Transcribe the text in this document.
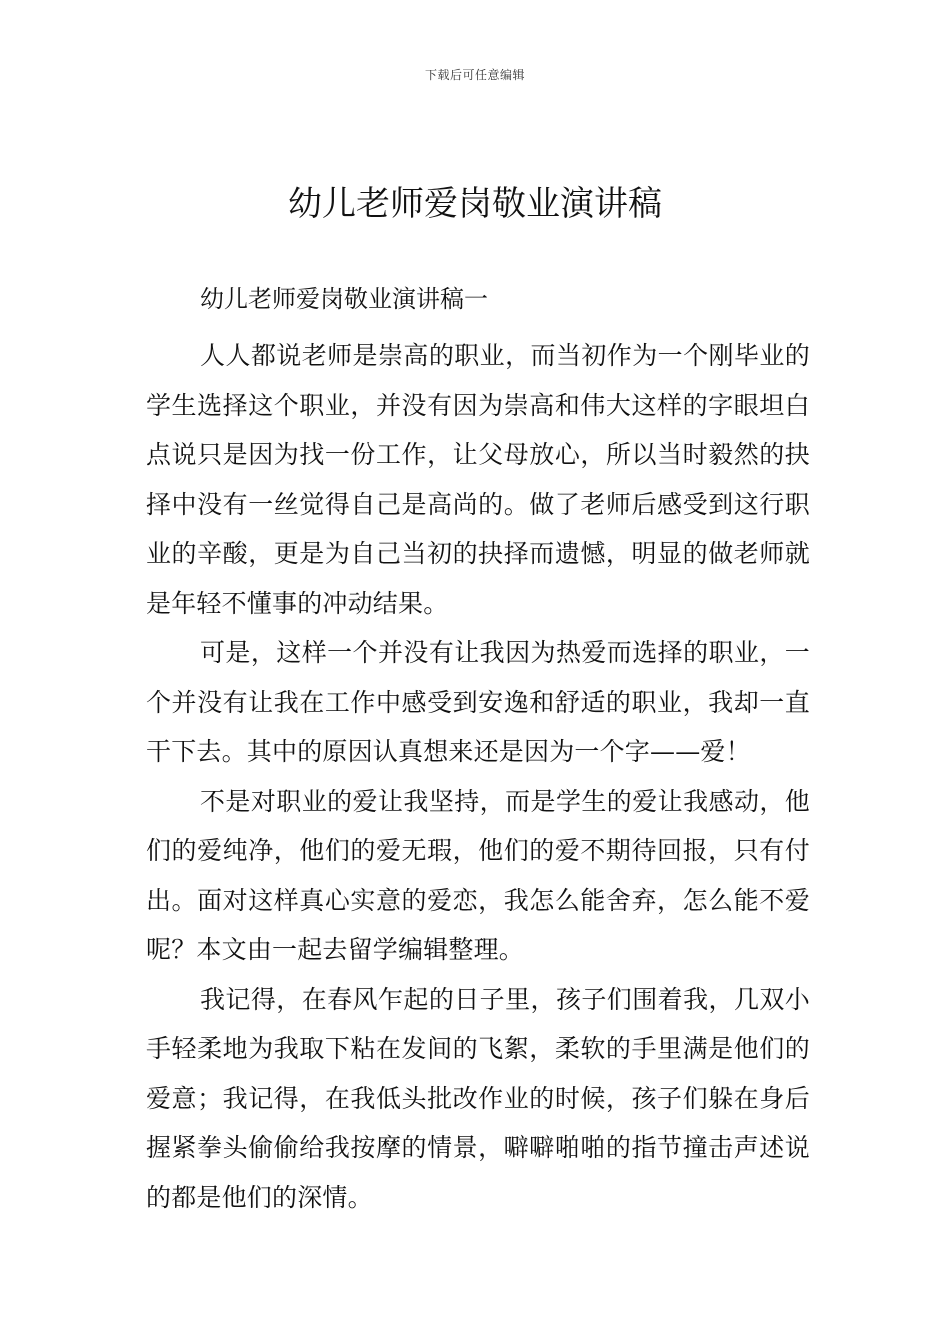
下载后可任意编辑
幼儿老师爱岗敬业演讲稿

幼儿老师爱岗敬业演讲稿一

人人都说老师是崇高的职业，而当初作为一个刚毕业的学生选择这个职业，并没有因为崇高和伟大这样的字眼坦白点说只是因为找一份工作，让父母放心，所以当时毅然的抉择中没有一丝觉得自己是高尚的。做了老师后感受到这行职业的辛酸，更是为自己当初的抉择而遗憾，明显的做老师就是年轻不懂事的冲动结果。

可是，这样一个并没有让我因为热爱而选择的职业，一个并没有让我在工作中感受到安逸和舒适的职业，我却一直干下去。其中的原因认真想来还是因为一个字——爱！

不是对职业的爱让我坚持，而是学生的爱让我感动，他们的爱纯净，他们的爱无瑕，他们的爱不期待回报，只有付出。面对这样真心实意的爱恋，我怎么能舍弃，怎么能不爱呢？本文由一起去留学编辑整理。

我记得，在春风乍起的日子里，孩子们围着我，几双小手轻柔地为我取下粘在发间的飞絮，柔软的手里满是他们的爱意；我记得，在我低头批改作业的时候，孩子们躲在身后握紧拳头偷偷给我按摩的情景，噼噼啪啪的指节撞击声述说的都是他们的深情。
